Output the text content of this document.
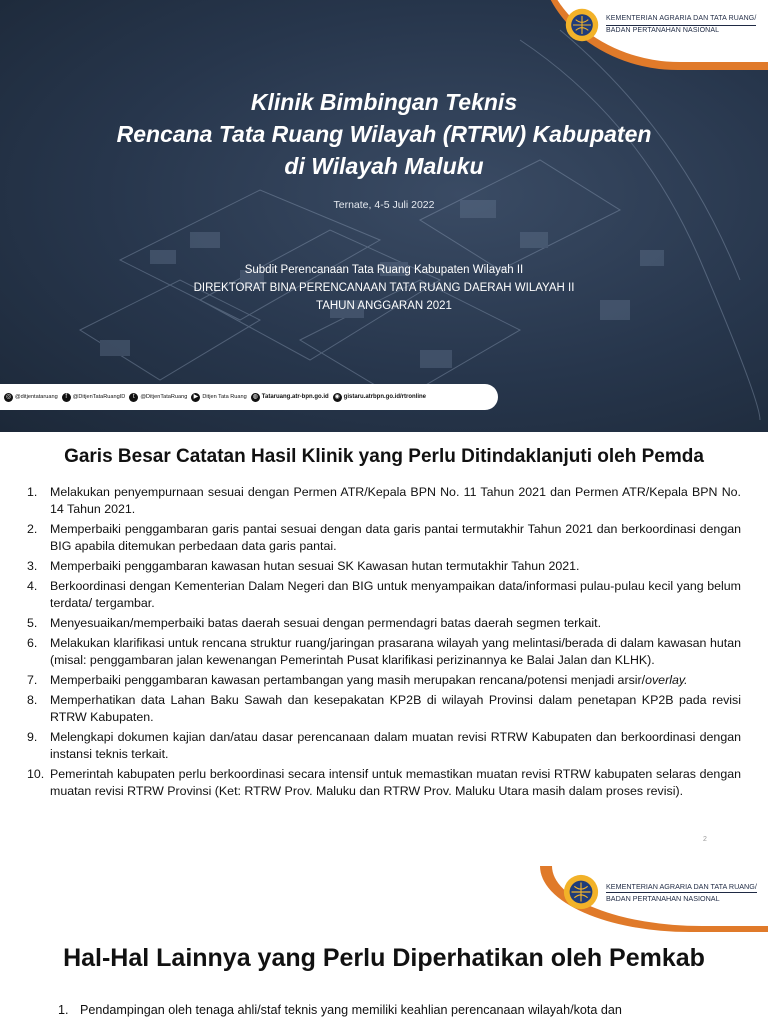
KEMENTERIAN AGRARIA DAN TATA RUANG/
BADAN PERTANAHAN NASIONAL
Klinik Bimbingan Teknis
Rencana Tata Ruang Wilayah (RTRW) Kabupaten
di Wilayah Maluku
Ternate, 4-5 Juli 2022
Subdit Perencanaan Tata Ruang Kabupaten Wilayah II
DIREKTORAT BINA PERENCANAAN TATA RUANG DAERAH WILAYAH II
TAHUN ANGGARAN 2021
◎ @ditjentataruang	f	@DitjenTataRuangID	t	@DitjenTataRuang	▶ Ditjen Tata Ruang ◍ Tataruang.atr-bpn.go.id ◉ gistaru.atrbpn.go.id/rtronline
Garis Besar Catatan Hasil Klinik yang Perlu Ditindaklanjuti oleh Pemda
1.	Melakukan penyempurnaan sesuai dengan Permen ATR/Kepala BPN No. 11 Tahun 2021 dan Permen ATR/Kepala BPN No. 14 Tahun 2021.
2.	Memperbaiki penggambaran garis pantai sesuai dengan data garis pantai termutakhir Tahun 2021 dan berkoordinasi dengan BIG apabila ditemukan perbedaan data garis pantai.
3.	Memperbaiki penggambaran kawasan hutan sesuai SK Kawasan hutan termutakhir Tahun 2021.
4.	Berkoordinasi dengan Kementerian Dalam Negeri dan BIG untuk menyampaikan data/informasi pulau-pulau kecil yang belum terdata/ tergambar.
5.	Menyesuaikan/memperbaiki batas daerah sesuai dengan permendagri batas daerah segmen terkait.
6.	Melakukan klarifikasi untuk rencana struktur ruang/jaringan prasarana wilayah yang melintasi/berada di dalam kawasan hutan (misal: penggambaran jalan kewenangan Pemerintah Pusat klarifikasi perizinannya ke Balai Jalan dan KLHK).
7.	Memperbaiki penggambaran kawasan pertambangan yang masih merupakan rencana/potensi menjadi arsir/overlay.
8.	Memperhatikan data Lahan Baku Sawah dan kesepakatan KP2B di wilayah Provinsi dalam penetapan KP2B pada revisi RTRW Kabupaten.
9.	Melengkapi dokumen kajian dan/atau dasar perencanaan dalam muatan revisi RTRW Kabupaten dan berkoordinasi dengan instansi teknis terkait.
10. Pemerintah kabupaten perlu berkoordinasi secara intensif untuk memastikan muatan revisi RTRW kabupaten selaras dengan muatan revisi RTRW Provinsi (Ket: RTRW Prov. Maluku dan RTRW Prov. Maluku Utara masih dalam proses revisi).
2
KEMENTERIAN AGRARIA DAN TATA RUANG/
BADAN PERTANAHAN NASIONAL
Hal-Hal Lainnya yang Perlu Diperhatikan oleh Pemkab
1. Pendampingan oleh tenaga ahli/staf teknis yang memiliki keahlian perencanaan wilayah/kota dan
